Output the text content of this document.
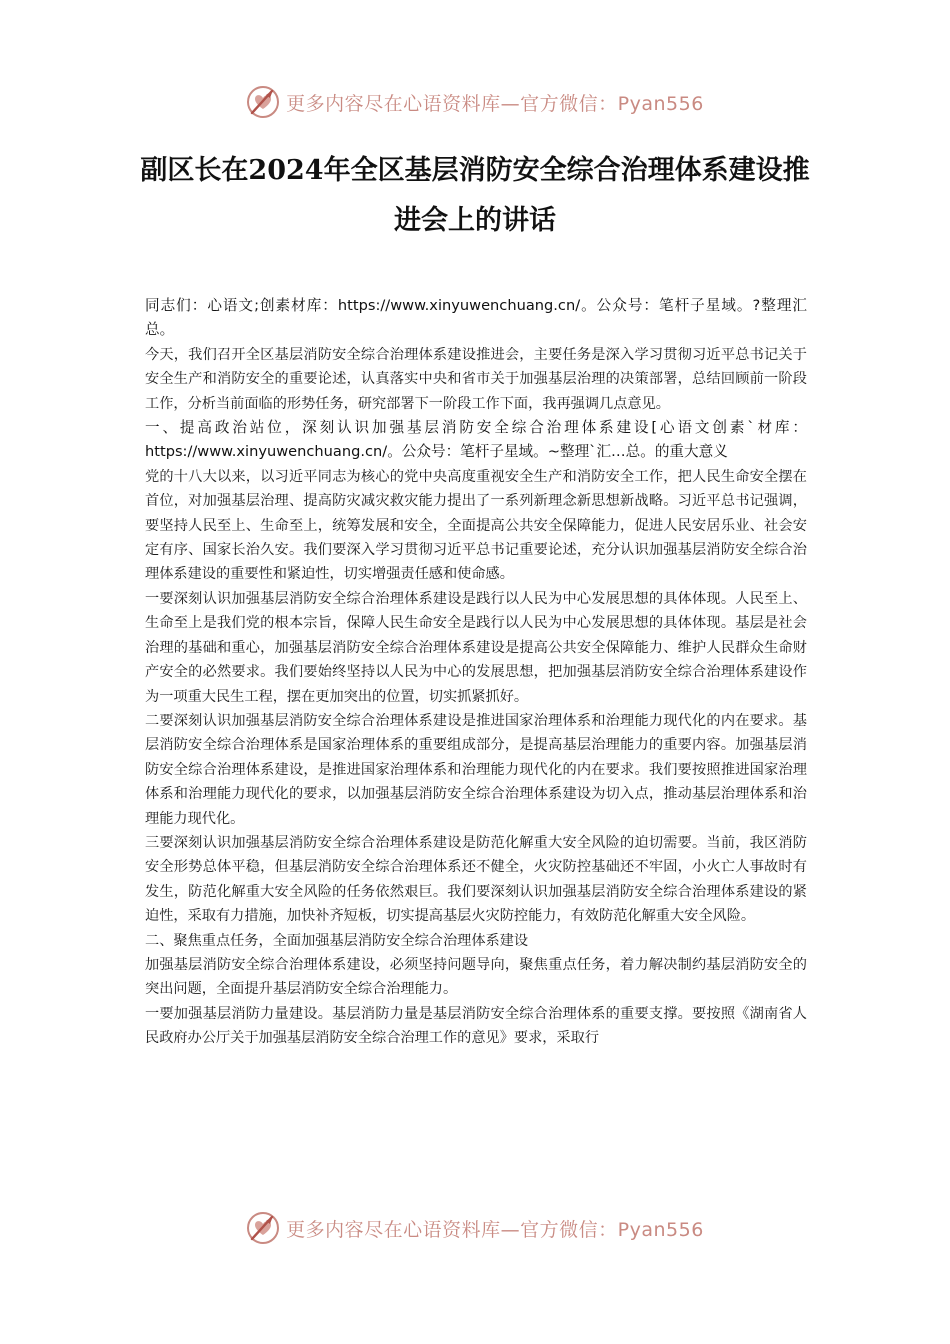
更多内容尽在心语资料库—官方微信：Pyan556
副区长在2024年全区基层消防安全综合治理体系建设推进会上的讲话

同志们：心语文;创素材库：https://www.xinyuwenchuang.cn/。公众号：笔杆子星域。?整理汇总。

今天，我们召开全区基层消防安全综合治理体系建设推进会，主要任务是深入学习贯彻习近平总书记关于安全生产和消防安全的重要论述，认真落实中央和省市关于加强基层治理的决策部署，总结回顾前一阶段工作，分析当前面临的形势任务，研究部署下一阶段工作下面，我再强调几点意见。

一、提高政治站位，深刻认识加强基层消防安全综合治理体系建设[心语文创素`材库：https://www.xinyuwenchuang.cn/。公众号：笔杆子星域。~整理`汇…总。的重大意义

党的十八大以来，以习近平同志为核心的党中央高度重视安全生产和消防安全工作，把人民生命安全摆在首位，对加强基层治理、提高防灾减灾救灾能力提出了一系列新理念新思想新战略。习近平总书记强调，要坚持人民至上、生命至上，统筹发展和安全，全面提高公共安全保障能力，促进人民安居乐业、社会安定有序、国家长治久安。我们要深入学习贯彻习近平总书记重要论述，充分认识加强基层消防安全综合治理体系建设的重要性和紧迫性，切实增强责任感和使命感。

一要深刻认识加强基层消防安全综合治理体系建设是践行以人民为中心发展思想的具体体现。人民至上、生命至上是我们党的根本宗旨，保障人民生命安全是践行以人民为中心发展思想的具体体现。基层是社会治理的基础和重心，加强基层消防安全综合治理体系建设是提高公共安全保障能力、维护人民群众生命财产安全的必然要求。我们要始终坚持以人民为中心的发展思想，把加强基层消防安全综合治理体系建设作为一项重大民生工程，摆在更加突出的位置，切实抓紧抓好。

二要深刻认识加强基层消防安全综合治理体系建设是推进国家治理体系和治理能力现代化的内在要求。基层消防安全综合治理体系是国家治理体系的重要组成部分，是提高基层治理能力的重要内容。加强基层消防安全综合治理体系建设，是推进国家治理体系和治理能力现代化的内在要求。我们要按照推进国家治理体系和治理能力现代化的要求，以加强基层消防安全综合治理体系建设为切入点，推动基层治理体系和治理能力现代化。

三要深刻认识加强基层消防安全综合治理体系建设是防范化解重大安全风险的迫切需要。当前，我区消防安全形势总体平稳，但基层消防安全综合治理体系还不健全，火灾防控基础还不牢固，小火亡人事故时有发生，防范化解重大安全风险的任务依然艰巨。我们要深刻认识加强基层消防安全综合治理体系建设的紧迫性，采取有力措施，加快补齐短板，切实提高基层火灾防控能力，有效防范化解重大安全风险。

二、聚焦重点任务，全面加强基层消防安全综合治理体系建设

加强基层消防安全综合治理体系建设，必须坚持问题导向，聚焦重点任务，着力解决制约基层消防安全的突出问题，全面提升基层消防安全综合治理能力。

一要加强基层消防力量建设。基层消防力量是基层消防安全综合治理体系的重要支撑。要按照《湖南省人民政府办公厅关于加强基层消防安全综合治理工作的意见》要求，采取行

更多内容尽在心语资料库—官方微信：Pyan556
